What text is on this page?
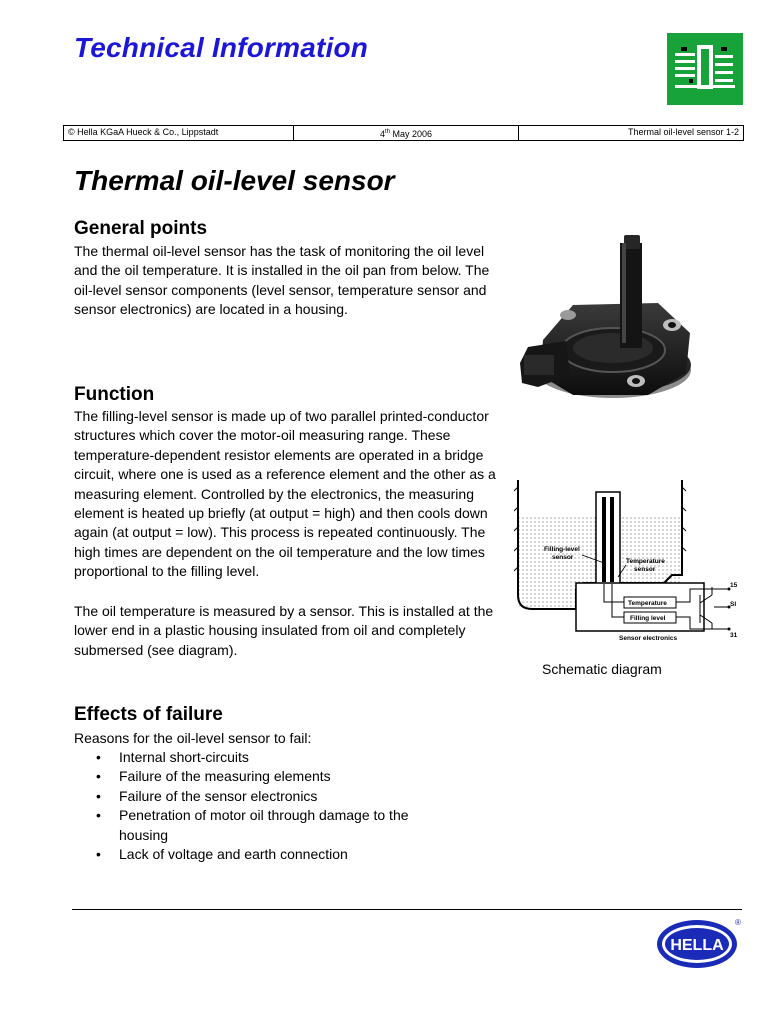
Technical Information
© Hella KGaA Hueck & Co., Lippstadt	4th May 2006	Thermal oil-level sensor 1-2
Thermal oil-level sensor
General points

The thermal oil-level sensor has the task of monitoring the oil level and the oil temperature. It is installed in the oil pan from below. The oil-level sensor components (level sensor, temperature sensor and sensor electronics) are located in a housing.

Function

The filling-level sensor is made up of two parallel printed-conductor structures which cover the motor-oil measuring range. These temperature-dependent resistor elements are operated in a bridge circuit, where one is used as a reference element and the other as a measuring element. Controlled by the electronics, the measuring element is heated up briefly (at output = high) and then cools down again (at output = low). This process is repeated continuously. The high times are dependent on the oil temperature and the low times proportional to the filling level.

The oil temperature is measured by a sensor. This is installed at the lower end in a plastic housing insulated from oil and completely submersed (see diagram).

Filling-level
sensor
Temperature
sensor
Temperature
Filling level
Sensor electronics
15
SI
31

Schematic diagram

Effects of failure

Reasons for the oil-level sensor to fail:

• Internal short-circuits
• Failure of the measuring elements
• Failure of the sensor electronics
• Penetration of motor oil through damage to the housing
• Lack of voltage and earth connection
HELLA
®
